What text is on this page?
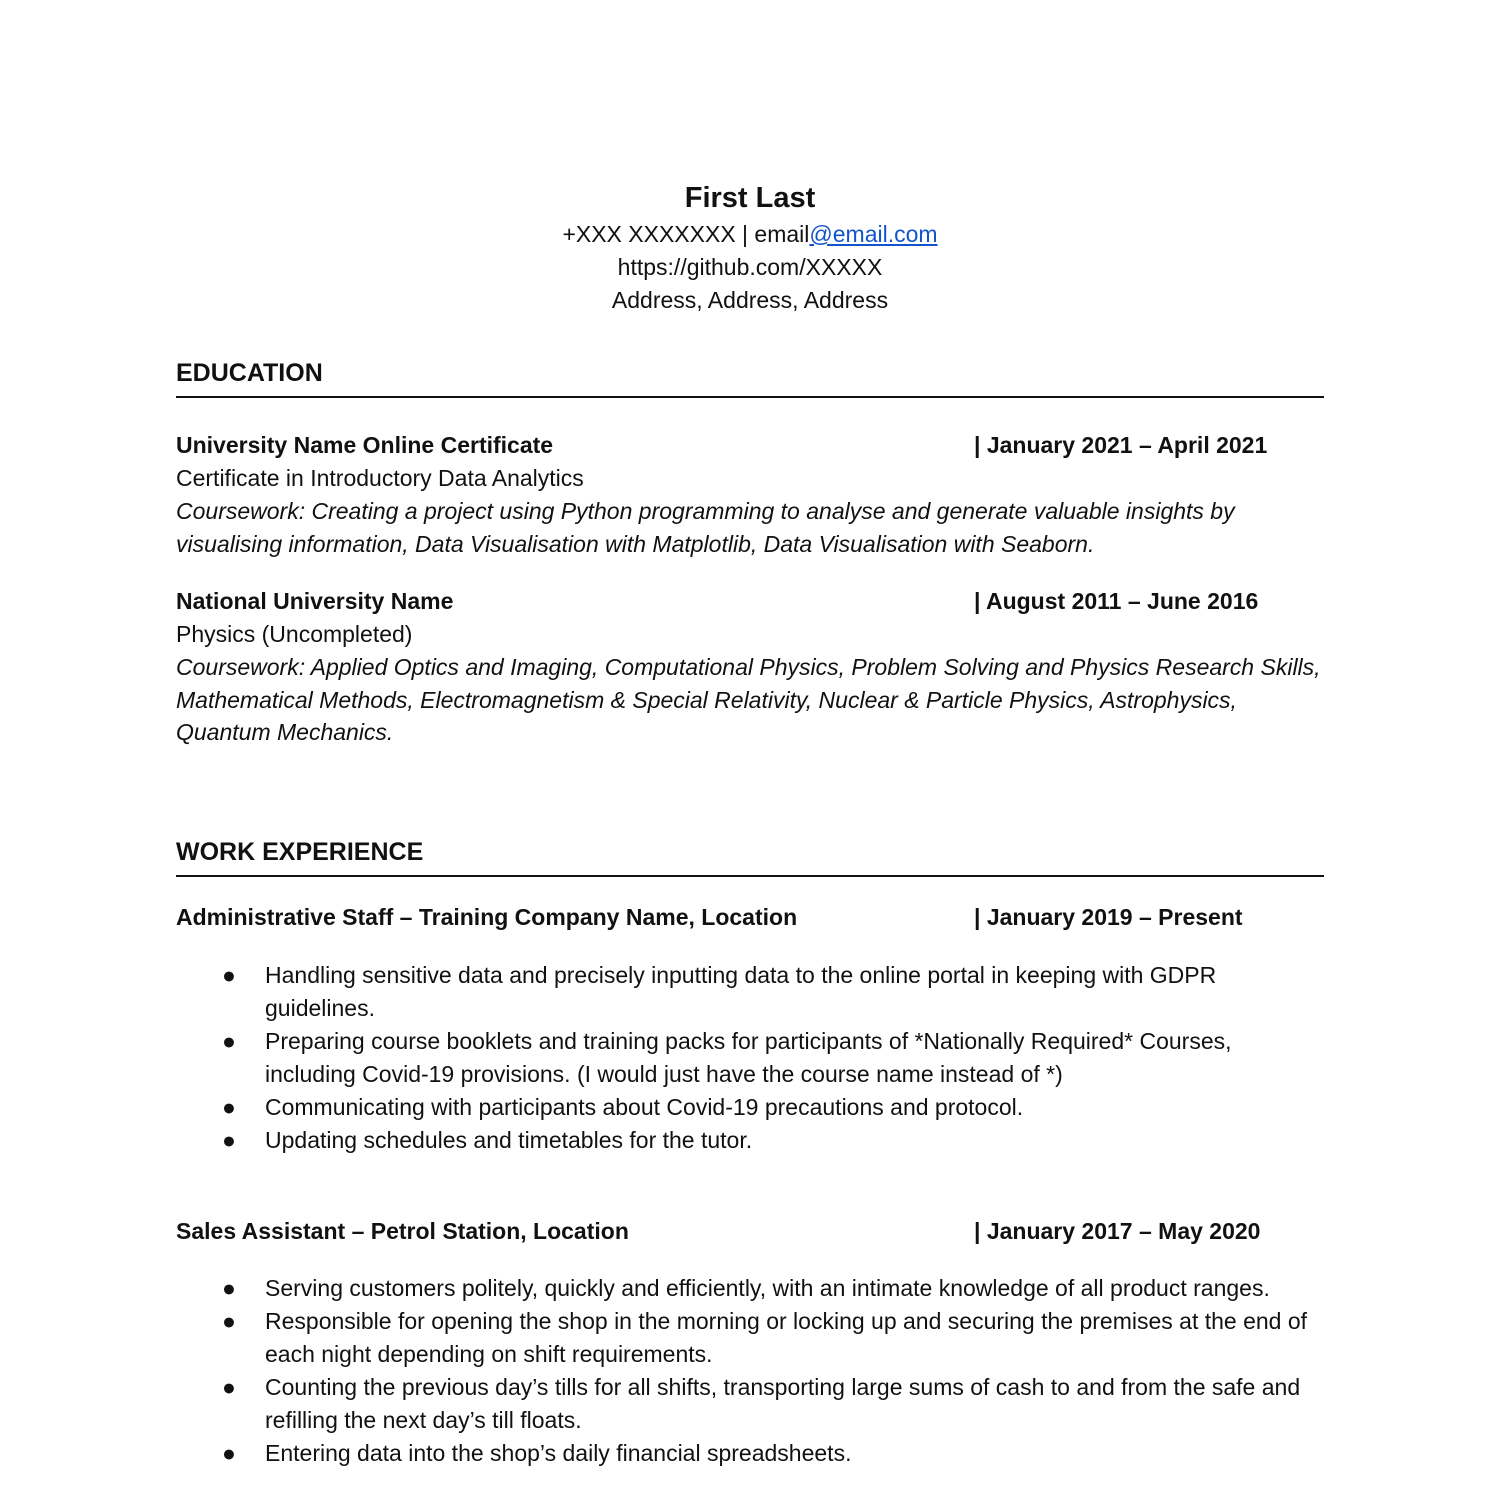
First Last
+XXX XXXXXXX | email@email.com
https://github.com/XXXXX
Address, Address, Address
EDUCATION
University Name Online Certificate	| January 2021 – April 2021
Certificate in Introductory Data Analytics
Coursework: Creating a project using Python programming to analyse and generate valuable insights by visualising information, Data Visualisation with Matplotlib, Data Visualisation with Seaborn.
National University Name	| August 2011 – June 2016
Physics (Uncompleted)
Coursework: Applied Optics and Imaging, Computational Physics, Problem Solving and Physics Research Skills, Mathematical Methods, Electromagnetism & Special Relativity, Nuclear & Particle Physics, Astrophysics, Quantum Mechanics.
WORK EXPERIENCE
Administrative Staff – Training Company Name, Location	| January 2019 – Present
● Handling sensitive data and precisely inputting data to the online portal in keeping with GDPR guidelines.
● Preparing course booklets and training packs for participants of *Nationally Required* Courses, including Covid-19 provisions. (I would just have the course name instead of *)
● Communicating with participants about Covid-19 precautions and protocol.
● Updating schedules and timetables for the tutor.
Sales Assistant – Petrol Station, Location	| January 2017 – May 2020
● Serving customers politely, quickly and efficiently, with an intimate knowledge of all product ranges.
● Responsible for opening the shop in the morning or locking up and securing the premises at the end of each night depending on shift requirements.
● Counting the previous day’s tills for all shifts, transporting large sums of cash to and from the safe and refilling the next day’s till floats.
● Entering data into the shop’s daily financial spreadsheets.
